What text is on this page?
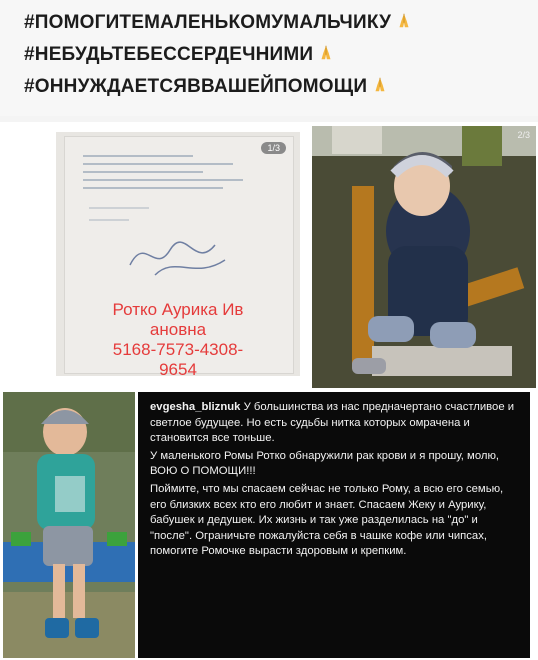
#ПОМОГИТЕМАЛЕНЬКОМУМАЛЬЧИКУ
#НЕБУДЬТЕБЕССЕРДЕЧНИМИ
#ОННУЖДАЕТСЯВВАШЕЙПОМОЩИ
1/3
Ротко Аурика Ив
ановна
5168-7573-4308-
9654
2/3

evgesha_bliznuk У большинства из нас предначертано счастливое и светлое будущее. Но есть судьбы нитка которых омрачена и становится все тоньше.

У маленького Ромы Ротко обнаружили рак крови и я прошу, молю, ВОЮ О ПОМОЩИ!!!

Поймите, что мы спасаем сейчас не только Рому, а всю его семью, его близких всех кто его любит и знает. Спасаем Жеку и Аурику, бабушек и дедушек. Их жизнь и так уже разделилась на "до" и "после". Ограничьте пожалуйста себя в чашке кофе или чипсах, помогите Ромочке вырасти здоровым и крепким.
